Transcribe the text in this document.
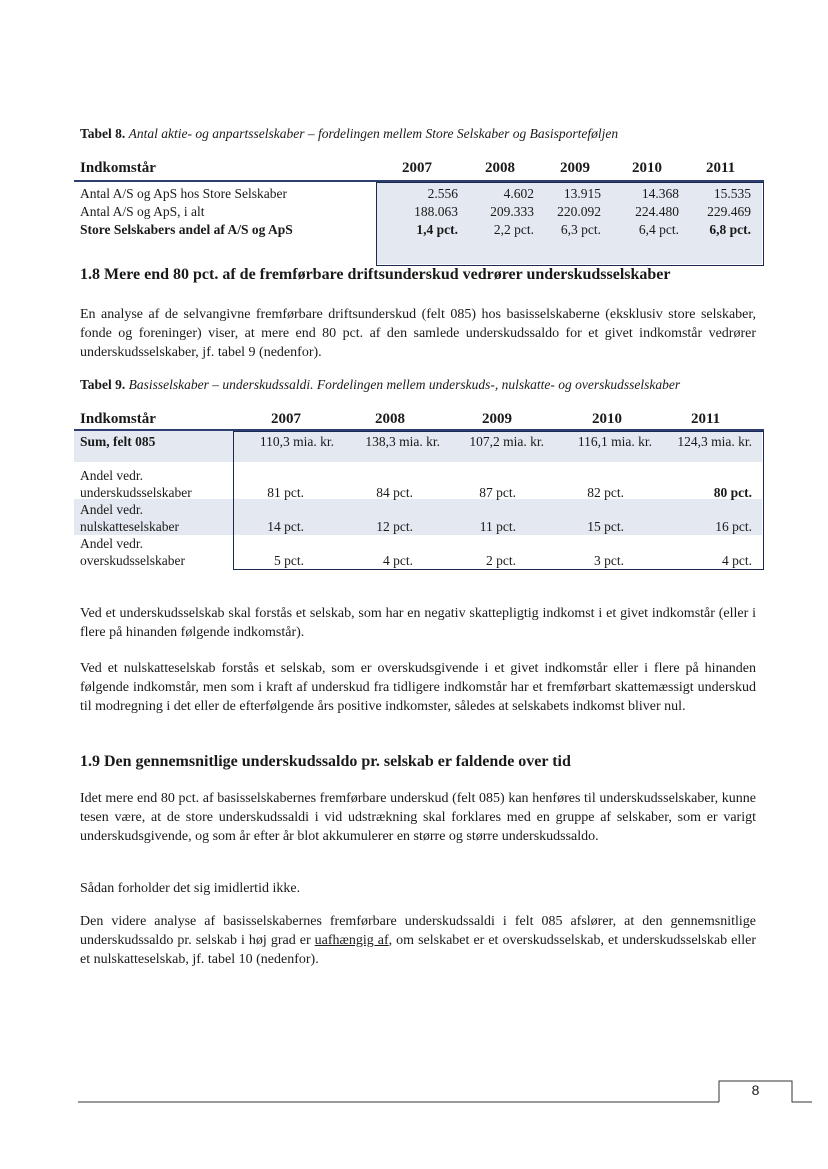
Tabel 8. Antal aktie- og anpartsselskaber – fordelingen mellem Store Selskaber og Basisporteføljen
Indkomstår	2007	2008	2009	2010	2011
Antal A/S og ApS hos Store Selskaber	2.556	4.602	13.915	14.368	15.535
Antal A/S og ApS, i alt	188.063	209.333	220.092	224.480	229.469
Store Selskabers andel af A/S og ApS	1,4 pct.	2,2 pct.	6,3 pct.	6,4 pct.	6,8 pct.
1.8 Mere end 80 pct. af de fremførbare driftsunderskud vedrører underskudsselskaber
En analyse af de selvangivne fremførbare driftsunderskud (felt 085) hos basisselskaberne (eksklusiv store selskaber, fonde og foreninger) viser, at mere end 80 pct. af den samlede underskudssaldo for et givet indkomstår vedrører underskudsselskaber, jf. tabel 9 (nedenfor).
Tabel 9. Basisselskaber – underskudssaldi. Fordelingen mellem underskuds-, nulskatte- og overskudsselskaber
Indkomstår	2007	2008	2009	2010	2011
Sum, felt 085	110,3 mia. kr.	138,3 mia. kr.	107,2 mia. kr.	116,1 mia. kr.	124,3 mia. kr.
Andel vedr.
underskudsselskaber	81 pct.	84 pct.	87 pct.	82 pct.	80 pct.
Andel vedr.
nulskatteselskaber	14 pct.	12 pct.	11 pct.	15 pct.	16 pct.
Andel vedr.
overskudsselskaber	5 pct.	4 pct.	2 pct.	3 pct.	4 pct.
Ved et underskudsselskab skal forstås et selskab, som har en negativ skattepligtig indkomst i et givet indkomstår (eller i flere på hinanden følgende indkomstår).
Ved et nulskatteselskab forstås et selskab, som er overskudsgivende i et givet indkomstår eller i flere på hinanden følgende indkomstår, men som i kraft af underskud fra tidligere indkomstår har et fremførbart skattemæssigt underskud til modregning i det eller de efterfølgende års positive indkomster, således at selskabets indkomst bliver nul.
1.9 Den gennemsnitlige underskudssaldo pr. selskab er faldende over tid
Idet mere end 80 pct. af basisselskabernes fremførbare underskud (felt 085) kan henføres til underskudsselskaber, kunne tesen være, at de store underskudssaldi i vid udstrækning skal forklares med en gruppe af selskaber, som er varigt underskudsgivende, og som år efter år blot akkumulerer en større og større underskudssaldo.
Sådan forholder det sig imidlertid ikke.
Den videre analyse af basisselskabernes fremførbare underskudssaldi i felt 085 afslører, at den gennemsnitlige underskudssaldo pr. selskab i høj grad er uafhængig af, om selskabet er et overskudsselskab, et underskudsselskab eller et nulskatteselskab, jf. tabel 10 (nedenfor).
8
